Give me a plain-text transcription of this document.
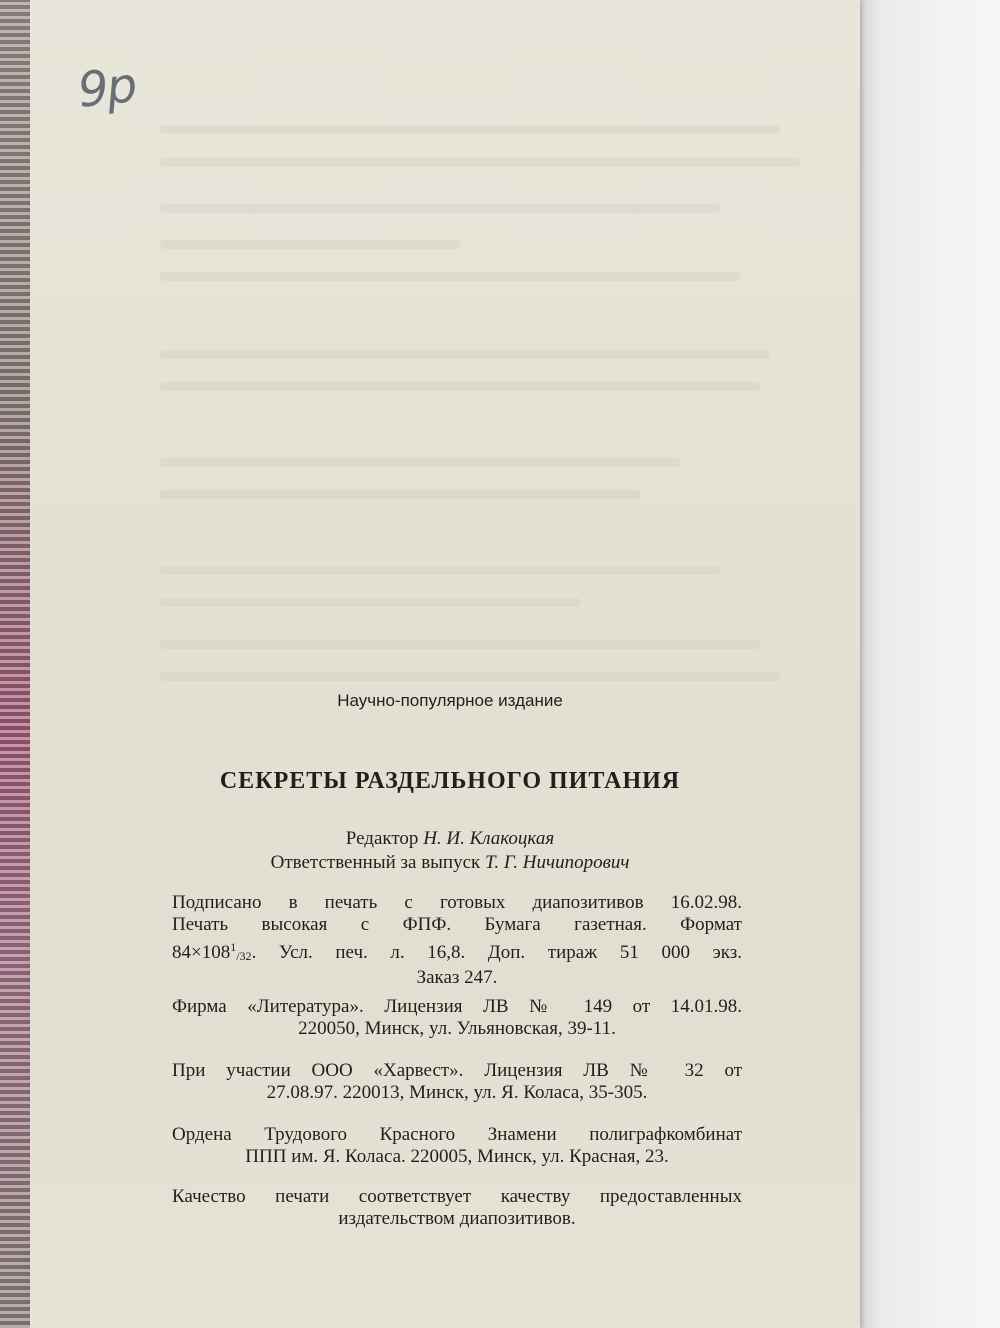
9р
Научно-популярное издание
СЕКРЕТЫ РАЗДЕЛЬНОГО ПИТАНИЯ
Редактор Н. И. Клакоцкая
Ответственный за выпуск Т. Г. Ничипорович
Подписано в печать с готовых диапозитивов 16.02.98.
Печать высокая с ФПФ. Бумага газетная. Формат
$84\times 108^1/32$. Усл. печ. л. 16,8. Доп. тираж 51 000 экз.
Заказ 247.
Фирма «Литература». Лицензия ЛВ № 149 от 14.01.98.
220050, Минск, ул. Ульяновская, 39-11.
При участии ООО «Харвест». Лицензия ЛВ № 32 от
27.08.97. 220013, Минск, ул. Я. Коласа, 35-305.
Ордена Трудового Красного Знамени полиграфкомбинат
ППП им. Я. Коласа. 220005, Минск, ул. Красная, 23.
Качество печати соответствует качеству предоставленных
издательством диапозитивов.
